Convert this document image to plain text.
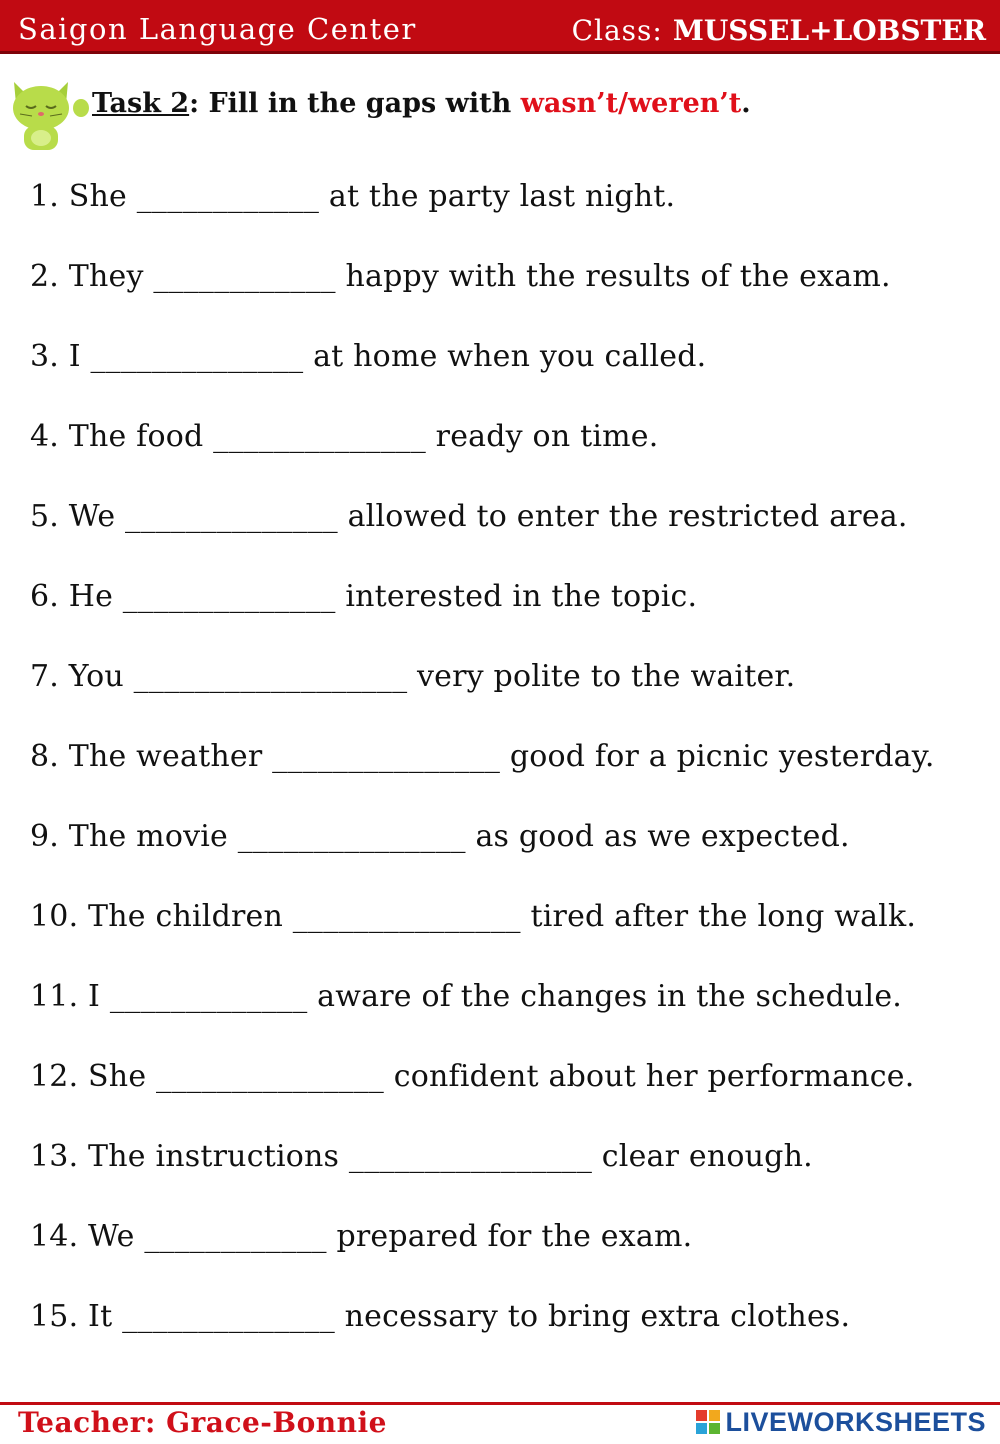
Saigon Language Center	Class: MUSSEL+LOBSTER
Task 2: Fill in the gaps with wasn’t/weren’t.
1. She ____________ at the party last night.
2. They ____________ happy with the results of the exam.
3. I ______________ at home when you called.
4. The food ______________ ready on time.
5. We ______________ allowed to enter the restricted area.
6. He ______________ interested in the topic.
7. You __________________ very polite to the waiter.
8. The weather _______________ good for a picnic yesterday.
9. The movie _______________ as good as we expected.
10. The children _______________ tired after the long walk.
11. I _____________ aware of the changes in the schedule.
12. She _______________ confident about her performance.
13. The instructions ________________ clear enough.
14. We ____________ prepared for the exam.
15. It ______________ necessary to bring extra clothes.
Teacher: Grace-Bonnie	LIVEWORKSHEETS
